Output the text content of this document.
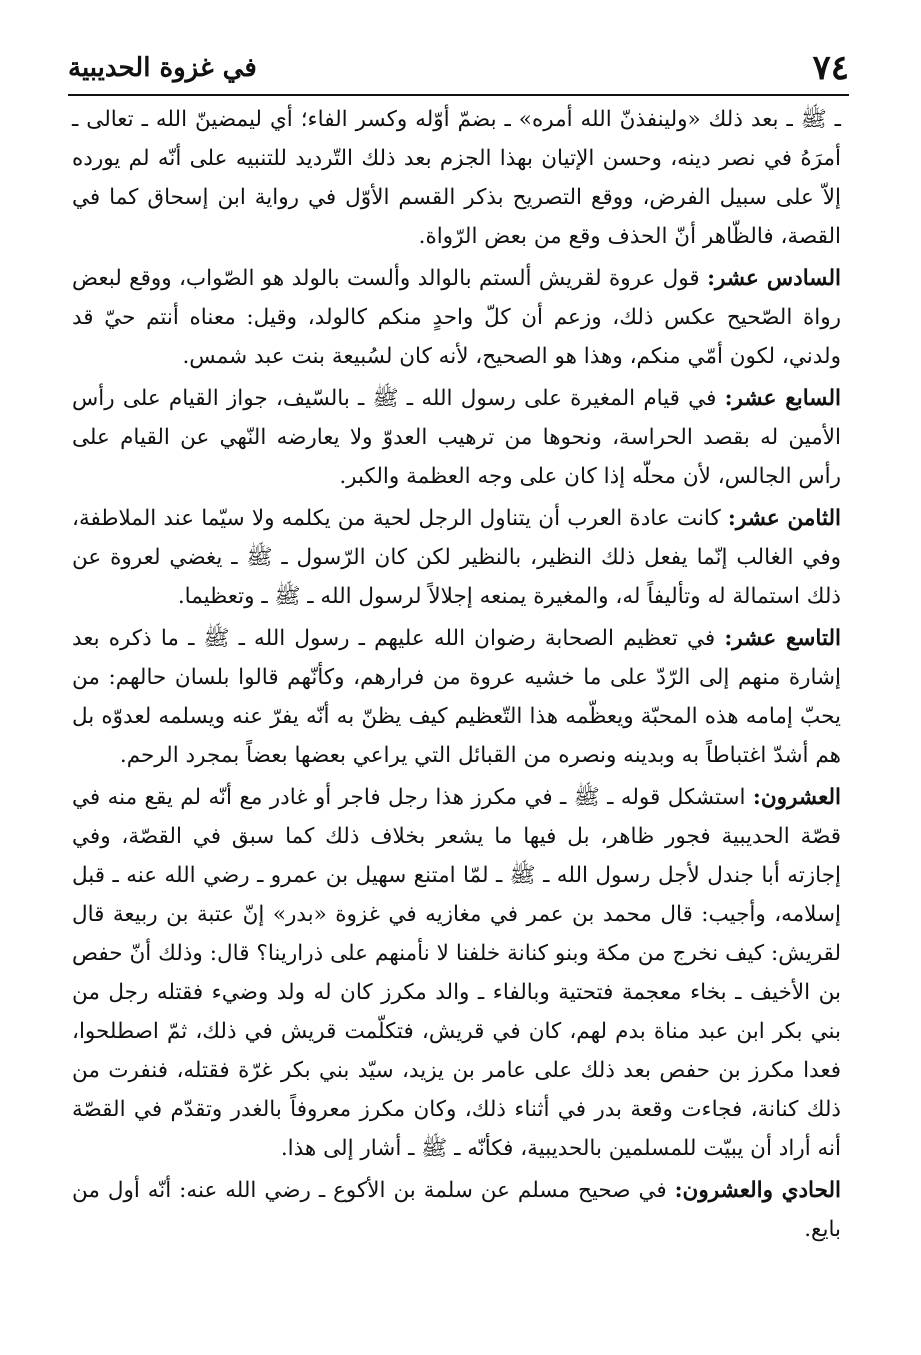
٧٤
في غزوة الحديبية

ـ ﷺ ـ بعد ذلك «ولينفذنّ الله أمره» ـ بضمّ أوّله وكسر الفاء؛ أي ليمضينّ الله ـ تعالى ـ أمرَهُ في نصر دينه، وحسن الإتيان بهذا الجزم بعد ذلك التّرديد للتنبيه على أنّه لم يورده إلاّ على سبيل الفرض، ووقع التصريح بذكر القسم الأوّل في رواية ابن إسحاق كما في القصة، فالظّاهر أنّ الحذف وقع من بعض الرّواة.

السادس عشر: قول عروة لقريش ألستم بالوالد وألست بالولد هو الصّواب، ووقع لبعض رواة الصّحيح عكس ذلك، وزعم أن كلّ واحدٍ منكم كالولد، وقيل: معناه أنتم حيّ قد ولدني، لكون أمّي منكم، وهذا هو الصحيح، لأنه كان لسُبيعة بنت عبد شمس.

السابع عشر: في قيام المغيرة على رسول الله ـ ﷺ ـ بالسّيف، جواز القيام على رأس الأمين له بقصد الحراسة، ونحوها من ترهيب العدوّ ولا يعارضه النّهي عن القيام على رأس الجالس، لأن محلّه إذا كان على وجه العظمة والكبر.

الثامن عشر: كانت عادة العرب أن يتناول الرجل لحية من يكلمه ولا سيّما عند الملاطفة، وفي الغالب إنّما يفعل ذلك النظير، بالنظير لكن كان الرّسول ـ ﷺ ـ يغضي لعروة عن ذلك استمالة له وتأليفاً له، والمغيرة يمنعه إجلالاً لرسول الله ـ ﷺ ـ وتعظيما.

التاسع عشر: في تعظيم الصحابة رضوان الله عليهم ـ رسول الله ـ ﷺ ـ ما ذكره بعد إشارة منهم إلى الرّدّ على ما خشيه عروة من فرارهم، وكأنّهم قالوا بلسان حالهم: من يحبّ إمامه هذه المحبّة ويعظّمه هذا التّعظيم كيف يظنّ به أنّه يفرّ عنه ويسلمه لعدوّه بل هم أشدّ اغتباطاً به وبدينه ونصره من القبائل التي يراعي بعضها بعضاً بمجرد الرحم.

العشرون: استشكل قوله ـ ﷺ ـ في مكرز هذا رجل فاجر أو غادر مع أنّه لم يقع منه في قصّة الحديبية فجور ظاهر، بل فيها ما يشعر بخلاف ذلك كما سبق في القصّة، وفي إجازته أبا جندل لأجل رسول الله ـ ﷺ ـ لمّا امتنع سهيل بن عمرو ـ رضي الله عنه ـ قبل إسلامه، وأجيب: قال محمد بن عمر في مغازيه في غزوة «بدر» إنّ عتبة بن ربيعة قال لقريش: كيف نخرج من مكة وبنو كنانة خلفنا لا نأمنهم على ذرارينا؟ قال: وذلك أنّ حفص بن الأخيف ـ بخاء معجمة فتحتية وبالفاء ـ والد مكرز كان له ولد وضيء فقتله رجل من بني بكر ابن عبد مناة بدم لهم، كان في قريش، فتكلّمت قريش في ذلك، ثمّ اصطلحوا، فعدا مكرز بن حفص بعد ذلك على عامر بن يزيد، سيّد بني بكر غرّة فقتله، فنفرت من ذلك كنانة، فجاءت وقعة بدر في أثناء ذلك، وكان مكرز معروفاً بالغدر وتقدّم في القصّة أنه أراد أن يبيّت للمسلمين بالحديبية، فكأنّه ـ ﷺ ـ أشار إلى هذا.

الحادي والعشرون: في صحيح مسلم عن سلمة بن الأكوع ـ رضي الله عنه: أنّه أول من بايع.
